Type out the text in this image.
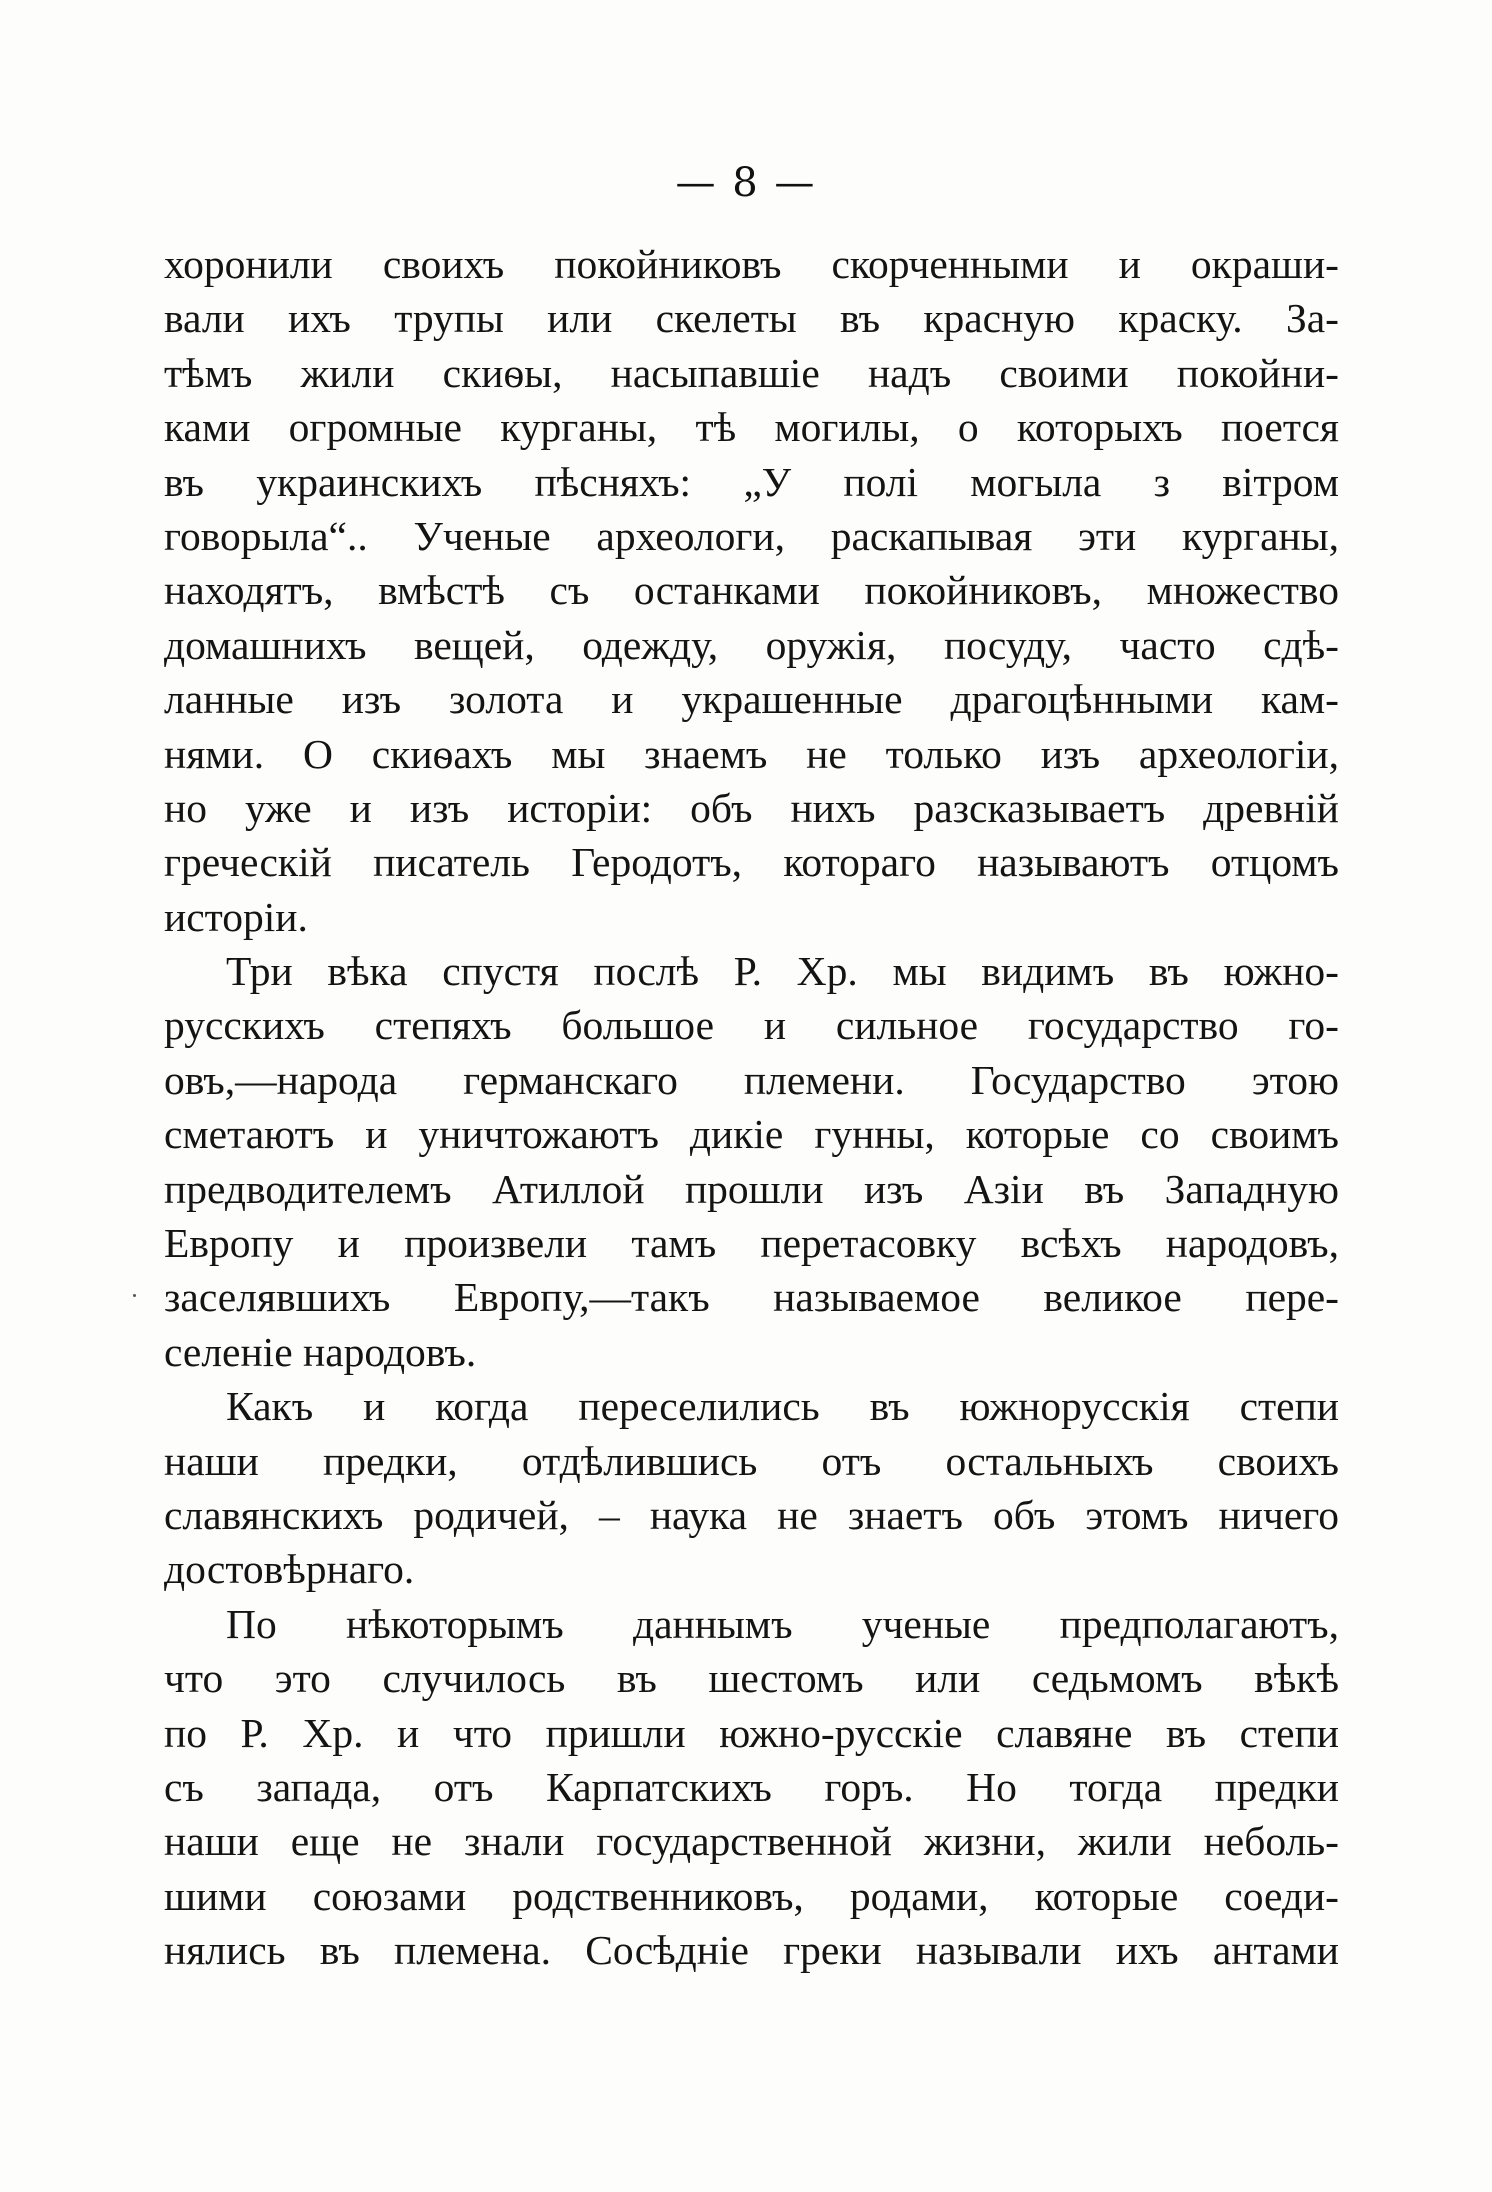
— 8 —
хоронили своихъ покойниковъ скорченными и окраши-
вали ихъ трупы или скелеты въ красную краску. За-
тѣмъ жили скиѳы, насыпавшіе надъ своими покойни-
ками огромные курганы, тѣ могилы, о которыхъ поется
въ украинскихъ пѣсняхъ: „У полі могыла з вітром
говорыла“.. Ученые археологи, раскапывая эти курганы,
находятъ, вмѣстѣ съ останками покойниковъ, множество
домашнихъ вещей, одежду, оружія, посуду, часто сдѣ-
ланные изъ золота и украшенные драгоцѣнными кам-
нями. О скиѳахъ мы знаемъ не только изъ археологіи,
но уже и изъ исторіи: объ нихъ разсказываетъ древній
греческій писатель Геродотъ, котораго называютъ отцомъ
исторіи.
Три вѣка спустя послѣ Р. Хр. мы видимъ въ южно-
русскихъ степяхъ большое и сильное государство го-
овъ,—народа германскаго племени. Государство этою
сметаютъ и уничтожаютъ дикіе гунны, которые со своимъ
предводителемъ Атиллой прошли изъ Азіи въ Западную
Европу и произвели тамъ перетасовку всѣхъ народовъ,
заселявшихъ Европу,—такъ называемое великое пере-
селеніе народовъ.
Какъ и когда переселились въ южнорусскія степи
наши предки, отдѣлившись отъ остальныхъ своихъ
славянскихъ родичей, – наука не знаетъ объ этомъ ничего
достовѣрнаго.
По нѣкоторымъ даннымъ ученые предполагаютъ,
что это случилось въ шестомъ или седьмомъ вѣкѣ
по Р. Хр. и что пришли южно-русскіе славяне въ степи
съ запада, отъ Карпатскихъ горъ. Но тогда предки
наши еще не знали государственной жизни, жили неболь-
шими союзами родственниковъ, родами, которые соеди-
нялись въ племена. Сосѣдніе греки называли ихъ антами
